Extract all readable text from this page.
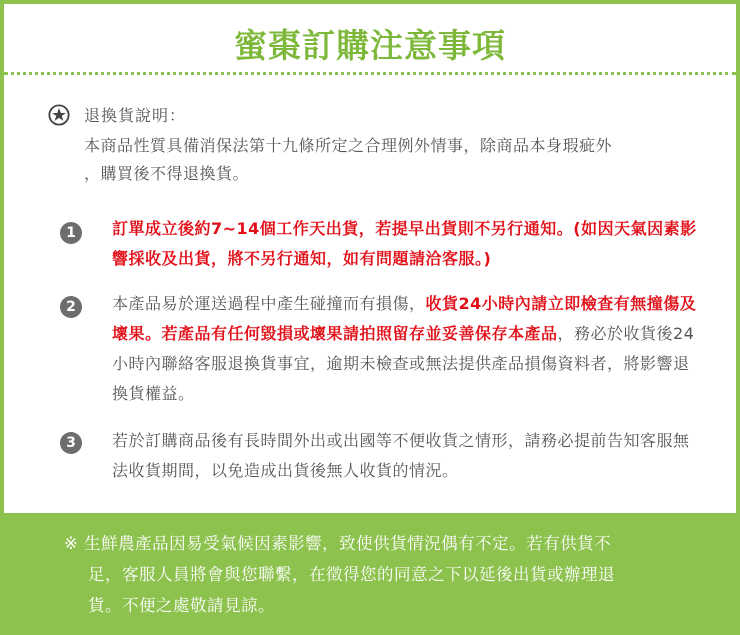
蜜棗訂購注意事項
退換貨說明：
本商品性質具備消保法第十九條所定之合理例外情事，除商品本身瑕疵外
，購買後不得退換貨。
1 訂單成立後約7~14個工作天出貨，若提早出貨則不另行通知。(如因天氣因素影響採收及出貨，將不另行通知，如有問題請洽客服。)
2 本產品易於運送過程中產生碰撞而有損傷，收貨24小時內請立即檢查有無撞傷及壞果。若產品有任何毀損或壞果請拍照留存並妥善保存本產品，務必於收貨後24小時內聯絡客服退換貨事宜，逾期未檢查或無法提供產品損傷資料者，將影響退換貨權益。
3 若於訂購商品後有長時間外出或出國等不便收貨之情形，請務必提前告知客服無法收貨期間，以免造成出貨後無人收貨的情況。
※ 生鮮農產品因易受氣候因素影響，致使供貨情況偶有不定。若有供貨不
足，客服人員將會與您聯繫，在徵得您的同意之下以延後出貨或辦理退
貨。不便之處敬請見諒。
